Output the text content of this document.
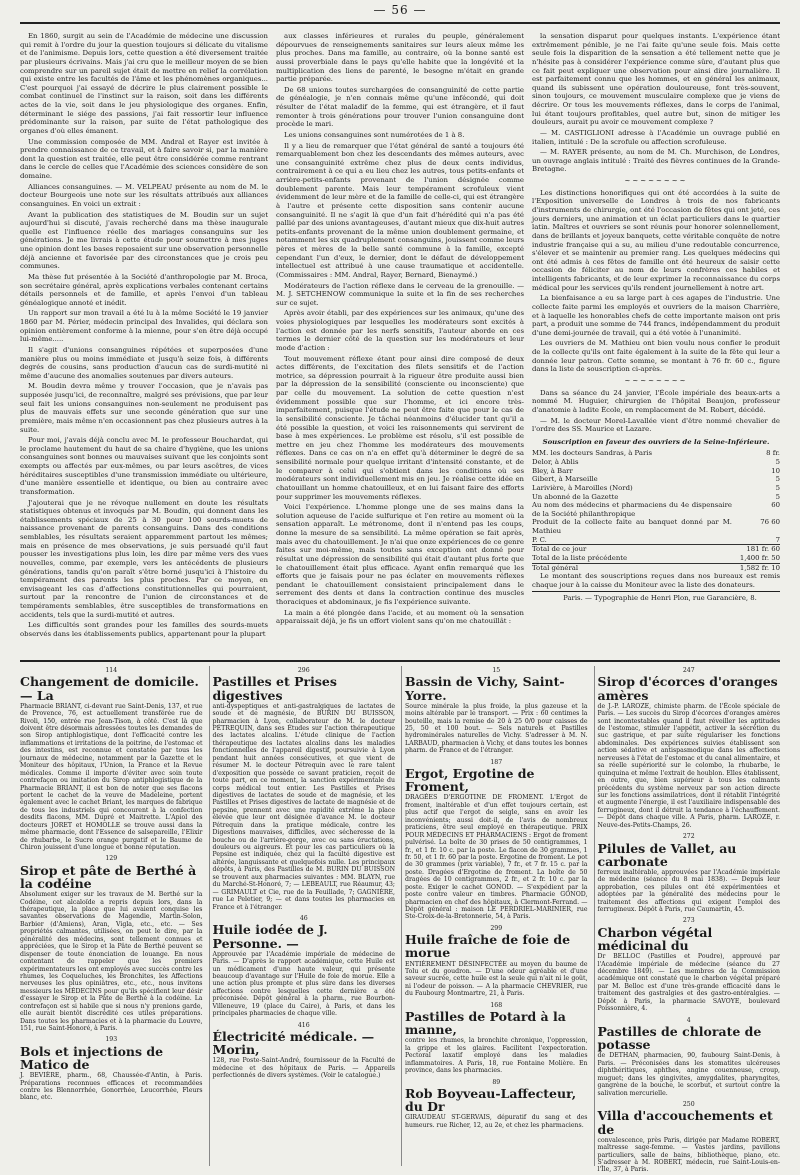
— 56 —

En 1860, surgit au sein de l'Académie de médecine une discussion qui remit à l'ordre du jour la question toujours si délicate du vitalisme et de l'animisme. Depuis lors, cette question a été diversement traitée par plusieurs écrivains. Mais j'ai cru que le meilleur moyen de se bien comprendre sur un pareil sujet était de mettre en relief la corrélation qui existe entre les facultés de l'âme et les phénomènes organiques... C'est pourquoi j'ai essayé de décrire le plus clairement possible le combat continuel de l'instinct sur la raison, soit dans les différents actes de la vie, soit dans le jeu physiologique des organes. Enfin, déterminant le siége des passions, j'ai fait ressortir leur influence prédominante sur la raison, par suite de l'état pathologique des organes d'où elles émanent.

Une commission composée de MM. Andral et Rayer est invitée à prendre connaissance de ce travail, et à faire savoir si, par la manière dont la question est traitée, elle peut être considérée comme rentrant dans le cercle de celles que l'Académie des sciences considère de son domaine.

Alliances consanguines. — M. VELPEAU présente au nom de M. le docteur Bourgeois une note sur les résultats attribués aux alliances consanguines. En voici un extrait :

Avant la publication des statistiques de M. Boudin sur un sujet aujourd'hui si discuté, j'avais recherché dans ma thèse inaugurale quelle est l'influence réelle des mariages consanguins sur les générations. Je me livrais à cette étude pour soumettre à mes juges une opinion dont les bases reposaient sur une observation personnelle déjà ancienne et favorisée par des circonstances que je crois peu communes.

Ma thèse fut présentée à la Société d'anthropologie par M. Broca, son secrétaire général, après explications verbales contenant certains détails personnels et de famille, et après l'envoi d'un tableau généalogique annoté et inédit.

Un rapport sur mon travail a été lu à la même Société le 19 janvier 1860 par M. Périer, médecin principal des Invalides, qui déclara son opinion entièrement conforme à la mienne, pour s'en être déjà occupé lui-même.....

Il s'agit d'unions consanguines répétées et superposées d'une manière plus ou moins immédiate et jusqu'à seize fois, à différents degrés de cousins, sans production d'aucun cas de surdi-mutité ni même d'aucune des anomalies soutenues par divers auteurs.

M. Boudin devra même y trouver l'occasion, que je n'avais pas supposée jusqu'ici, de reconnaître, malgré ses prévisions, que par leur seul fait les unions consanguines non-seulement ne produisent pas plus de mauvais effets sur une seconde génération que sur une première, mais même n'en occasionnent pas chez plusieurs autres à la suite.

Pour moi, j'avais déjà conclu avec M. le professeur Bouchardat, qui le proclame hautement du haut de sa chaire d'hygiène, que les unions consanguines sont bonnes ou mauvaises suivant que les conjoints sont exempts ou affectés par eux-mêmes, ou par leurs ascêtres, de vices héréditaires susceptibles d'une transmission immédiate ou ultérieure, d'une manière essentielle et identique, ou bien au contraire avec transformation.

J'ajouterai que je ne révoque nullement en doute les résultats statistiques obtenus et invoqués par M. Boudin, qui donnent dans les établissements spéciaux de 25 à 30 pour 100 sourds-muets de naissance provenant de parents consanguins. Dans des conditions semblables, les résultats seraient apparemment partout les mêmes; mais en présence de mes observations, je suis persuadé qu'il faut pousser les investigations plus loin, les dire par même vers des vues nouvelles, comme, par exemple, vers les antécédents de plusieurs générations, tandis qu'on paraît s'être borné jusqu'ici à l'histoire du tempérament des parents les plus proches. Par ce moyen, en envisageant les cas d'affections constitutionnelles qui pourraient, surtout par la rencontre de l'union de circonstances et de tempéraments semblables, être susceptibles de transformations en accidents, tels que la surdi-mutité et autres.

Les difficultés sont grandes pour les familles des sourds-muets observés dans les établissements publics, appartenant pour la plupart

aux classes inférieures et rurales du peuple, généralement dépourvues de renseignements sanitaires sur leurs aïeux même les plus proches. Dans ma famille, au contraire, où la bonne santé est aussi proverbiale dans le pays qu'elle habite que la longévité et la multiplication des liens de parenté, le besogne m'était en grande partie préparée.

De 68 unions toutes surchargées de consanguinité de cette partie de généalogie, je n'en connais même qu'une infécondé, qui doit résulter de l'état maladif de la femme, qui est étrangère, et il faut remonter à trois générations pour trouver l'union consanguine dont procède le mari.

Les unions consanguines sont numérotées de 1 à 8.

Il y a lieu de remarquer que l'état général de santé a toujours été remarquablement bon chez les descendants des mêmes auteurs, avec une consanguinité extrême chez plus de deux cents individus, contrairement à ce qui a eu lieu chez les autres, tous petits-enfants et arrière-petits-enfants provenant de l'union désignée comme doublement parente. Mais leur tempérament scrofuleux vient évidemment de leur mère et de la famille de celle-ci, qui est étrangère à l'autre et présente cette disposition sans contenir aucune consanguinité. Il ne s'agit là que d'un fait d'hérédité qui n'a pas été pallié par des unions avantageuses, d'autant mieux que dix-huit autres petits-enfants provenant de la même union doublement germaine, et notamment les six quadruplement consanguins, jouissent comme leurs pères et mères de la belle santé commune à la famille, excepté cependant l'un d'eux, le dernier, dont le défaut de développement intellectuel est attribué à une cause traumatique et accidentelle. (Commissaires : MM. Andral, Rayer, Bernard, Bienaymé.)

Modérateurs de l'action réflexe dans le cerveau de la grenouille. — M. J. SETCHENOW communique la suite et la fin de ses recherches sur ce sujet.

Après avoir établi, par des expériences sur les animaux, qu'une des voies physiologiques par lesquelles les modérateurs sont excités à l'action est donnée par les nerfs sensitifs, l'auteur aborde en ces termes le dernier côté de la question sur les modérateurs et leur mode d'action :

Tout mouvement réflexe étant pour ainsi dire composé de deux actes différents, de l'excitation des filets sensitifs et de l'action motrice, sa dépression pourrait à la rigueur être produite aussi bien par la dépression de la sensibilité (consciente ou inconsciente) que par celle du mouvement. La solution de cette question n'est évidemment possible que sur l'homme, et ici encore très-imparfaitement, puisque l'étude ne peut être faite que pour le cas de la sensibilité consciente. Je tâchai néanmoins d'élucider tant qu'il a été possible la question, et voici les raisonnements qui servirent de base à mes expériences. Le problème est résolu, s'il est possible de mettre en jeu chez l'homme les modérateurs des mouvements réflexes. Dans ce cas on n'a en effet qu'à déterminer le degré de sa sensibilité normale pour quelque irritant d'intensité constante, et de le comparer à celui qui s'obtient dans les conditions où ses modérateurs sont individuellement mis en jeu. Je réalise cette idée en chatouillant un homme chatouilleux, et en lui faisant faire des efforts pour supprimer les mouvements réflexes.

Voici l'expérience. L'homme plonge une de ses mains dans la solution aqueuse de l'acide sulfurique et l'en retire au moment où la sensation apparaît. Le métronome, dont il n'entend pas les coups, donne la mesure de sa sensibilité. La même opération se fait après, mais avec du chatouillement. Je n'ai que onze expériences de ce genre faites sur moi-même, mais toutes sans exception ont donné pour résultat une dépression de sensibilité qui était d'autant plus forte que le chatouillement était plus efficace. Ayant enfin remarqué que les efforts que je faisais pour ne pas éclater en mouvements réflexes pendant le chatouillement consistaient principalement dans le serrement des dents et dans la contraction continue des muscles thoraciques et abdominaux, je fis l'expérience suivante.

La main a été plongée dans l'acide, et au moment où la sensation apparaissait déjà, je fis un effort violent sans qu'on me chatouillât :

la sensation disparut pour quelques instants. L'expérience étant extrêmement pénible, je ne l'ai faite qu'une seule fois. Mais cette seule fois la disparition de la sensation a été tellement nette que je n'hésite pas à considérer l'expérience comme sûre, d'autant plus que ce fait peut expliquer une observation pour ainsi dire journalière. Il est parfaitement connu que les hommes, et en général les animaux, quand ils subissent une opération douloureuse, font très-souvent, sinon toujours, ce mouvement musculaire complexe que je viens de décrire. Or tous les mouvements réflexes, dans le corps de l'animal, lui étant toujours profitables, quel autre but, sinon de mitiger les douleurs, aurait pu avoir ce mouvement complexe ?

— M. CASTIGLIONI adresse à l'Académie un ouvrage publié en italien, intitulé : De la scrofule ou affection scrofuleuse.

— M. RAYER présente, au nom de M. Ch. Murchison, de Londres, un ouvrage anglais intitulé : Traité des fièvres continues de la Grande-Bretagne.

~~~~~~~~

Les distinctions honorifiques qui ont été accordées à la suite de l'Exposition universelle de Londres à trois de nos fabricants d'instruments de chirurgie, ont été l'occasion de fêtes qui ont jeté, ces jours derniers, une animation et un éclat particuliers dans le quartier latin. Maîtres et ouvriers se sont réunis pour honorer solennellement, dans de brillants et joyeux banquets, cette véritable conquête de notre industrie française qui a su, au milieu d'une redoutable concurrence, s'élever et se maintenir au premier rang. Les quelques médecins qui ont été admis à ces fêtes de famille ont été heureux de saisir cette occasion de féliciter au nom de leurs confrères ces habiles et intelligents fabricants, et de leur exprimer la reconnaissance du corps médical pour les services qu'ils rendent journellement à notre art.

La bienfaisance a eu sa large part à ces agapes de l'industrie. Une collecte faite parmi les employés et ouvriers de la maison Charrière, et à laquelle les honorables chefs de cette importante maison ont pris part, a produit une somme de 744 francs, indépendamment du produit d'une demi-journée de travail, qui a été votée à l'unanimité.

Les ouvriers de M. Mathieu ont bien voulu nous confier le produit de la collecte qu'ils ont faite également à la suite de la fête qui leur a donnée leur patron. Cette somme, se montant à 76 fr. 60 c., figure dans la liste de souscription ci-après.

~~~~~~~~

Dans sa séance du 24 janvier, l'École impériale des beaux-arts a nommé M. Huguier, chirurgien de l'hôpital Beaujon, professeur d'anatomie à ladite École, en remplacement de M. Robert, décédé.

— M. le docteur Morel-Lavallée vient d'être nommé chevalier de l'ordre des SS. Maurice et Lazare.

Souscription en faveur des ouvriers de la Seine-Inférieure.

MM. les docteurs Sandras, à Paris	8 fr.
Delor, à Ablis	5
Bley, à Barr	10
Gibert, à Marseille	5
Larivière, à Maroilles (Nord)	5
Un abonné de la Gazette	5
Au nom des médecins et pharmaciens du 4e dispensaire de la Société philanthropique	60
Produit de la collecte faite au banquet donné par M. Mathieu	76 60
P. C.	7
Total de ce jour	181 fr. 60
Total de la liste précédente	1,400 fr. 50
Total général	1,582 fr. 10

Le montant des souscriptions reçues dans nos bureaux est remis chaque jour à la caisse du Moniteur avec la liste des donateurs.

Paris. — Typographie de Henri Plon, rue Garancière, 8.

114
Changement de domicile. — La

Pharmacie BRIANT, ci-devant rue Saint-Denis, 137, et rue de Provence, 76, est actuellement transférée rue de Rivoli, 150, entrée rue Jean-Tison, à côté. C'est là que doivent être désormais adressées toutes les demandes de son Sirop antiphlogistique, dont l'efficacité contre les inflammations et irritations de la poitrine, de l'estomac et des intestins, est reconnue et constatée par tous les journaux de médecine, notamment par la Gazette et le Moniteur des hôpitaux, l'Union, la France et la Revue médicales. Comme il importe d'éviter avec soin toute contrefaçon ou imitation du Sirop antiphlogistique de la Pharmacie BRIANT, il est bon de noter que ses flacons portent le cachet de la veuve de Madeleine, portent également avec le cachet Briant, les marques de fabrique de tous les industriels qui concourent à la confection desdits flacons, MM. Dupré et Maitrette. L'Apiol des docteurs JORET et HOMOLLE se trouve aussi dans la même pharmacie, dont l'Essence de salsepareille, l'Elixir de rhubarbe, le Sucre orange purgatif et le Baume de Chiron jouissent d'une longue et bonne réputation.

129
Sirop et pâte de Berthé à la codéine

Absolument exiger sur les travaux de M. Berthé sur la Codéine, cet alcaloïde a repris depuis lors, dans la thérapeutique, la place que lui avaient conquise les savantes observations de Magendie, Martin-Solon, Barbier (d'Amiens), Aran, Vigla, etc., etc. — Ses propriétés calmantes, utilisées, on peut le dire, par la généralité des médecins, sont tellement connues et appréciées, que le Sirop et la Pâte de Berthé peuvent se dispenser de toute énonciation de louange. En nous contentant de rappeler que les premiers expérimentateurs les ont employés avec succès contre les rhumes, les Coqueluches, les Bronchites, les Affections nerveuses les plus opiniâtres, etc., etc., nous invitons messieurs les MÉDECINS pour qu'ils spécifient leur désir d'essayer le Sirop et la Pâte de Berthé à la codéine. La contrefaçon est si habile que si nous n'y prenions garde, elle aurait bientôt discrédité ces utiles préparations. Dans toutes les pharmacies et à la pharmacie du Louvre, 151, rue Saint-Honoré, à Paris.

193
Bols et injections de Matico de

J. BEVIÈRE, pharm., 68, Chaussée-d'Antin, à Paris. Préparations reconnues efficaces et recommandées contre les Blennorrhée, Gonorrhée, Leucorrhée, Fleurs blanc, etc.

296
Pastilles et Prises digestives

anti-dyspeptiques et anti-gastralgiques de lactates de soude et de magnésie, de BURIN DU BUISSON, pharmacien à Lyon, collaborateur de M. le docteur PÉTREQUIN, dans ses Études sur l'action thérapeutique des lactates alcalins. L'étude clinique de l'action thérapeutique des lactates alcalins dans les maladies fonctionnelles de l'appareil digestif, poursuivie à Lyon pendant huit années consécutives, et que vient de résumer M. le docteur Pétrequin avec le rare talent d'exposition que possède ce savant praticien, reçoit de toute part, en ce moment, la sanction expérimentale du corps médical tout entier. Les Pastilles et Prises digestives de lactates de soude et de magnésie, et les Pastilles et Prises digestives de lactate de magnésie et de pepsine, prennent avec une rapidité extrême la place élevée que leur ont désignée d'avance M. le docteur Pétrequin dans la pratique médicale, contre les Digestions mauvaises, difficiles, avec sécheresse de la bouche ou de l'arrière-gorge, avec ou sans éructations, douleurs ou aigreurs. Et pour les cas particuliers où la Pepsine est indiquée, chez qui la faculté digestive est altérée, languissante et quelquefois nulle. Les principaux dépôts, à Paris, des Pastilles de M. BURIN DU BUISSON se trouvent aux pharmacies suivantes : MM. BLAYN, rue du Marché-St-Honoré, 7; — LEBEAULT, rue Réaumur, 43; — GRIMAULT et Cie, rue de la Feuillade, 7; GAGNIÈRE, rue Le Peletier, 9; — et dans toutes les pharmacies en France et à l'étranger.

46
Huile iodée de J. Personne. —

Approuvée par l'Académie impériale de médecine de Paris. — D'après le rapport académique, cette Huile est un médicament d'une haute valeur, qui présente beaucoup d'avantage sur l'Huile de foie de morue. Elle a une action plus prompte et plus sûre dans les diverses affections contre lesquelles cette dernière a été préconisée. Dépôt général à la pharm., rue Bourbon-Villeneuve, 19 (place du Caire), à Paris, et dans les principales pharmacies de chaque ville.

416
Électricité médicale. — Morin,

128, rue Poste-Saint-André, fournisseur de la Faculté de médecine et des hôpitaux de Paris. — Appareils perfectionnés de divers systèmes. (Voir le catalogue.)

15
Bassin de Vichy, Saint-Yorre.

Source minérale la plus froide, la plus gazeuse et la moins altérable par le transport. — Prix : 60 centimes la bouteille, mais la remise de 20 à 25 0/0 pour caisses de 25, 50 et 100 bout. — Sels naturels et Pastilles hydrominérales naturelles de Vichy. S'adresser à M. N. LARBAUD, pharmacien à Vichy, et dans toutes les bonnes pharm. de France et de l'étranger.

187
Ergot, Ergotine de Froment,

DRAGÉES D'ERGOTINE DE FROMENT. L'Ergot de froment, inaltérable et d'un effet toujours certain, est plus actif que l'ergot de seigle, sans en avoir les inconvénients; aussi doit-il, de l'avis de nombreux praticiens, être seul employé en thérapeutique. PRIX POUR MÉDECINS ET PHARMACIENS : Ergot de froment pulvérisé. La boîte de 30 prises de 50 centigrammes, 1 fr., et 1 fr. 10 c. par la poste. Le flacon de 30 grammes, 1 fr. 50, et 1 fr. 60 par la poste. Ergotine de froment. Le pot de 30 grammes (prix variable), 7 fr., et 7 fr. 15 c. par la poste. Dragées d'Ergotine de froment. La boîte de 50 dragées de 10 centigrammes, 2 fr., et 2 fr. 10 c. par la poste. Exiger le cachet GONOD. — S'expédient par la poste contre valeur en timbres. Pharmacie GONOD, pharmacien en chef des hôpitaux, à Clermont-Ferrand. — Dépôt général : maison LE PERDRIEL-MARINIER, rue Ste-Croix-de-la-Bretonnerie, 54, à Paris.

299
Huile fraîche de foie de morue

ENTIÈREMENT DÉSINFECTÉE au moyen du baume de Tolu et du goudron. — D'une odeur agréable et d'une saveur sucrée, cette huile est la seule qui n'ait ni le goût, ni l'odeur de poisson. — A la pharmacie CHEVRIER, rue du Faubourg Montmartre, 21, à Paris.

168
Pastilles de Potard à la manne,

contre les rhumes, la bronchite chronique, l'oppression, la grippe et les glaires. Facilitent l'expectoration. Pectoral laxatif employé dans les maladies inflammatoires. A Paris, 18, rue Fontaine Molière. En province, dans les pharmacies.

89
Rob Boyveau-Laffecteur, du Dr

GIRAUDEAU ST-GERVAIS, dépuratif du sang et des humeurs. rue Richer, 12, au 2e, et chez les pharmaciens.

247
Sirop d'écorces d'oranges amères

de J.-P. LAROZE, chimiste pharm. de l'École spéciale de Paris. — Les succès du Sirop d'écorces d'oranges amères sont incontestables quand il faut réveiller les aptitudes de l'estomac, stimuler l'appétit, activer la sécrétion du suc gastrique, et par suite régulariser les fonctions abdominales. Des expériences suivies établissent son action sédative et antispasmodique dans les affections nerveuses à l'état de l'estomac et du canal alimentaire, et sa réelle supériorité sur le colombo, la rhubarbe, le quinquina et même l'extrait de houblon. Elles établissent, en outre, que, bien supérieur à tous les calmants précédents du système nerveux par son action directe sur les fonctions assimilatrices, dont il rétablit l'intégrité et augmente l'énergie, il est l'auxiliaire indispensable des ferrugineux, dont il détruit la tendance à l'échauffement. — Dépôt dans chaque ville. A Paris, pharm. LAROZE, r. Neuve-des-Petits-Champs, 26.

272
Pilules de Vallet, au carbonate

ferreux inaltérable, approuvées par l'Académie impériale de médecine (séance du 8 mai 1838). — Depuis leur approbation, ces pilules ont été expérimentées et adoptées par la généralité des médecins pour le traitement des affections qui exigent l'emploi des ferrugineux. Dépôt à Paris, rue Caumartin, 45.

273
Charbon végétal médicinal du

Dr BELLOC (Pastilles et Poudre), approuvé par l'Académie impériale de médecine (séance du 27 décembre 1849). — Les membres de la Commission académique ont constaté que le charbon végétal préparé par M. Belloc est d'une très-grande efficacité dans le traitement des gastralgies et des gastro-entéralgies. — Dépôt à Paris, la pharmacie SAVOYE, boulevard Poissonnière, 4.

4
Pastilles de chlorate de potasse

de DETHAN, pharmacien, 90, faubourg Saint-Denis, à Paris. — Préconisées dans les stomatites ulcéreuses diphthéritiques, aphthes, angine couenneuse, croup, muguet; dans les gingivites, amygdalites, pharyngites, gangrène de la bouche, le scorbut, et surtout contre la salivation mercurielle.

250
Villa d'accouchements et de

convalescence, près Paris, dirigée par Madame ROBERT, maîtresse sage-femme. — Vastes jardins, pavillons particuliers, salle de bains, bibliothèque, piano, etc. S'adresser à M. ROBERT, médecin, rue Saint-Louis-en-l'Île, 37, à Paris.
